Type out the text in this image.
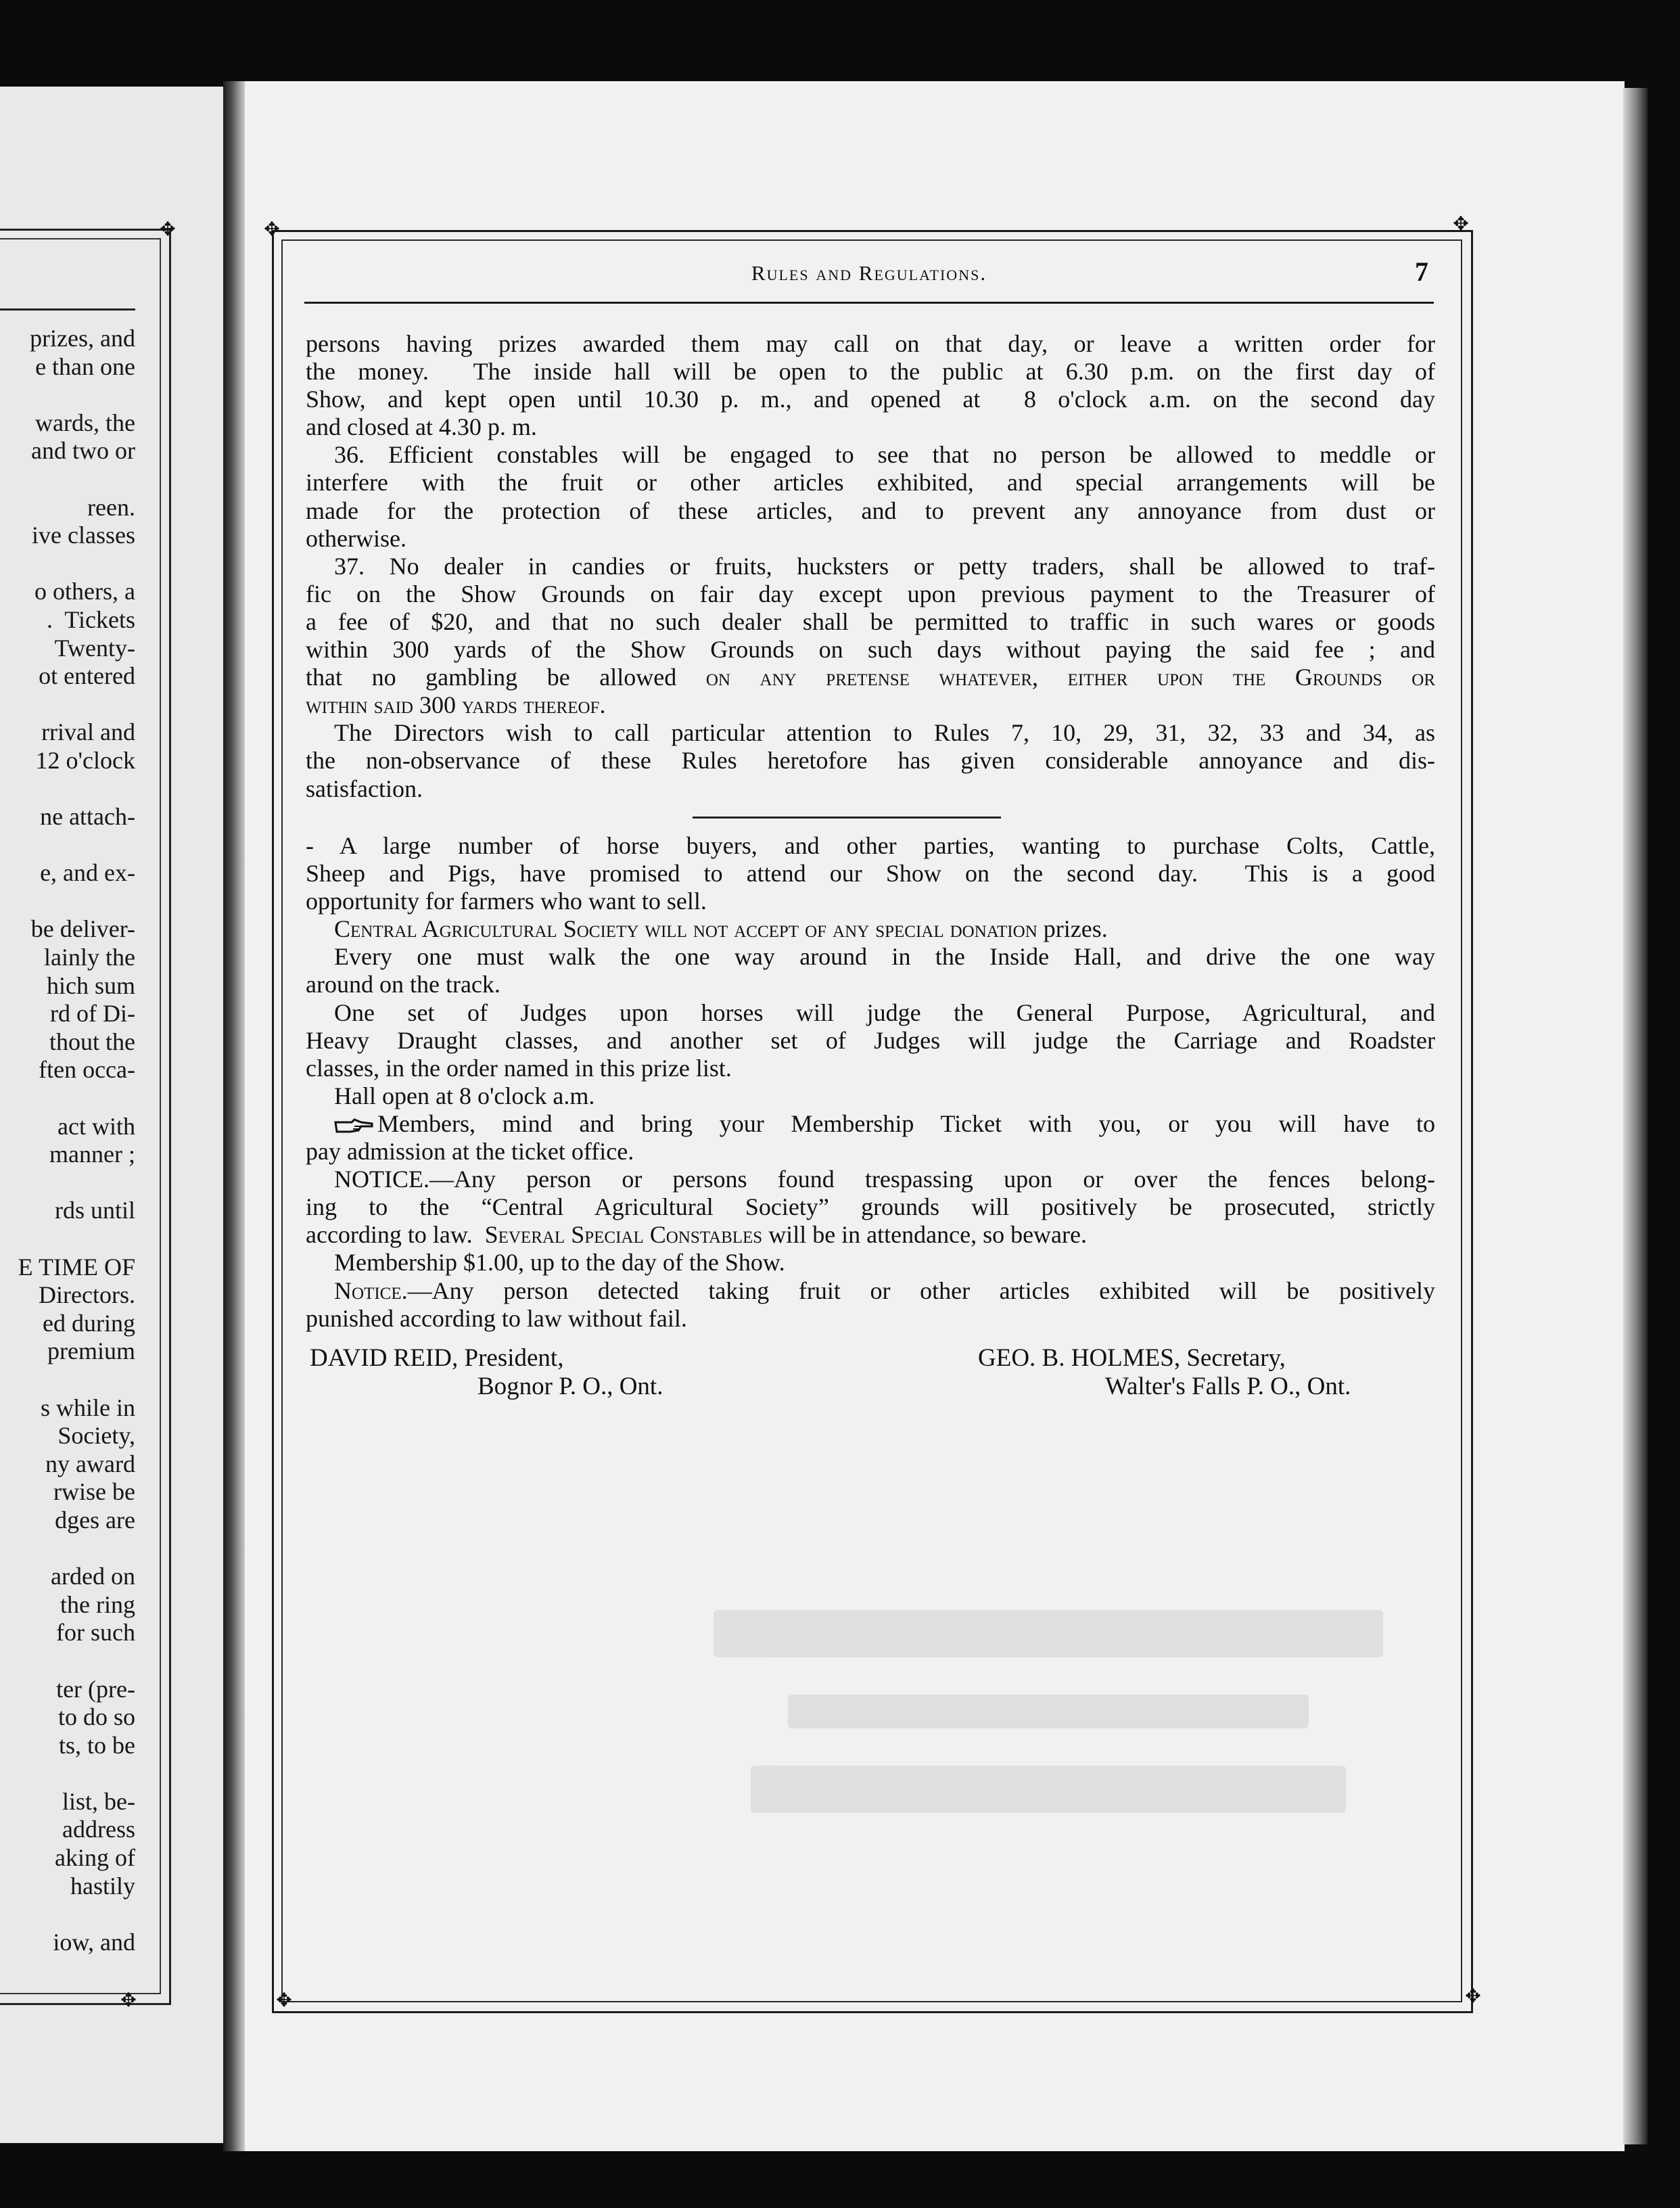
prizes, and
e than one
wards, the
and two or
reen.
ive classes
o others, a
.  Tickets
Twenty-
ot entered
rrival and
12 o'clock
ne attach-
e, and ex-
be deliver-
lainly the
hich sum
rd of Di-
thout the
ften occa-
act with
manner ;
rds until
E TIME OF
Directors.
ed during
premium
s while in
Society,
ny award
rwise be
dges are
arded on
the ring
for such
ter (pre-
to do so
ts, to be
list, be-
address
aking of
hastily
iow, and
✥	✥
✥	✥
✥
✥
Rules and Regulations.	7
persons having prizes awarded them may call on that day, or leave a written order for
the money.  The inside hall will be open to the public at 6.30 p.m. on the first day of
Show, and kept open until 10.30 p. m., and opened at  8 o'clock a.m. on the second day
and closed at 4.30 p. m.
36. Efficient constables will be engaged to see that no person be allowed to meddle or
interfere with the fruit or other articles exhibited, and special arrangements will be
made for the protection of these articles, and to prevent any annoyance from dust or
otherwise.
37. No dealer in candies or fruits, hucksters or petty traders, shall be allowed to traf-
fic on the Show Grounds on fair day except upon previous payment to the Treasurer of
a fee of $20, and that no such dealer shall be permitted to traffic in such wares or goods
within 300 yards of the Show Grounds on such days without paying the said fee ; and
that no gambling be allowed on any pretense whatever, either upon the Grounds or
within said 300 yards thereof.
The Directors wish to call particular attention to Rules 7, 10, 29, 31, 32, 33 and 34, as
the non-observance of these Rules heretofore has given considerable annoyance and dis-
satisfaction.
- A large number of horse buyers, and other parties, wanting to purchase Colts, Cattle,
Sheep and Pigs, have promised to attend our Show on the second day.  This is a good
opportunity for farmers who want to sell.
Central Agricultural Society will not accept of any special donation prizes.
Every one must walk the one way around in the Inside Hall, and drive the one way
around on the track.
One set of Judges upon horses will judge the General Purpose, Agricultural, and
Heavy Draught classes, and another set of Judges will judge the Carriage and Roadster
classes, in the order named in this prize list.
Hall open at 8 o'clock a.m.
Members, mind and bring your Membership Ticket with you, or you will have to
pay admission at the ticket office.
NOTICE.—Any person or persons found trespassing upon or over the fences belong-
ing to the “Central Agricultural Society” grounds will positively be prosecuted, strictly
according to law.  Several Special Constables will be in attendance, so beware.
Membership $1.00, up to the day of the Show.
Notice.—Any person detected taking fruit or other articles exhibited will be positively
punished according to law without fail.
DAVID REID, President,
Bognor P. O., Ont.
GEO. B. HOLMES, Secretary,
Walter's Falls P. O., Ont.
